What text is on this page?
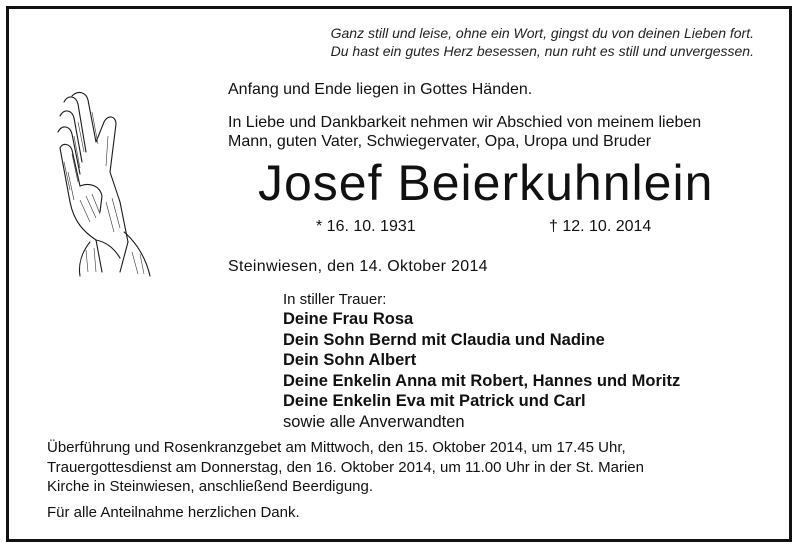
Ganz still und leise, ohne ein Wort, gingst du von deinen Lieben fort.
Du hast ein gutes Herz besessen, nun ruht es still und unvergessen.
Anfang und Ende liegen in Gottes Händen.
In Liebe und Dankbarkeit nehmen wir Abschied von meinem lieben
Mann, guten Vater, Schwiegervater, Opa, Uropa und Bruder
Josef Beierkuhnlein
* 16. 10. 1931	† 12. 10. 2014
Steinwiesen, den 14. Oktober 2014
In stiller Trauer:
Deine Frau Rosa
Dein Sohn Bernd mit Claudia und Nadine
Dein Sohn Albert
Deine Enkelin Anna mit Robert, Hannes und Moritz
Deine Enkelin Eva mit Patrick und Carl
sowie alle Anverwandten
Überführung und Rosenkranzgebet am Mittwoch, den 15. Oktober 2014, um 17.45 Uhr,
Trauergottesdienst am Donnerstag, den 16. Oktober 2014, um 11.00 Uhr in der St. Marien
Kirche in Steinwiesen, anschließend Beerdigung.
Für alle Anteilnahme herzlichen Dank.
